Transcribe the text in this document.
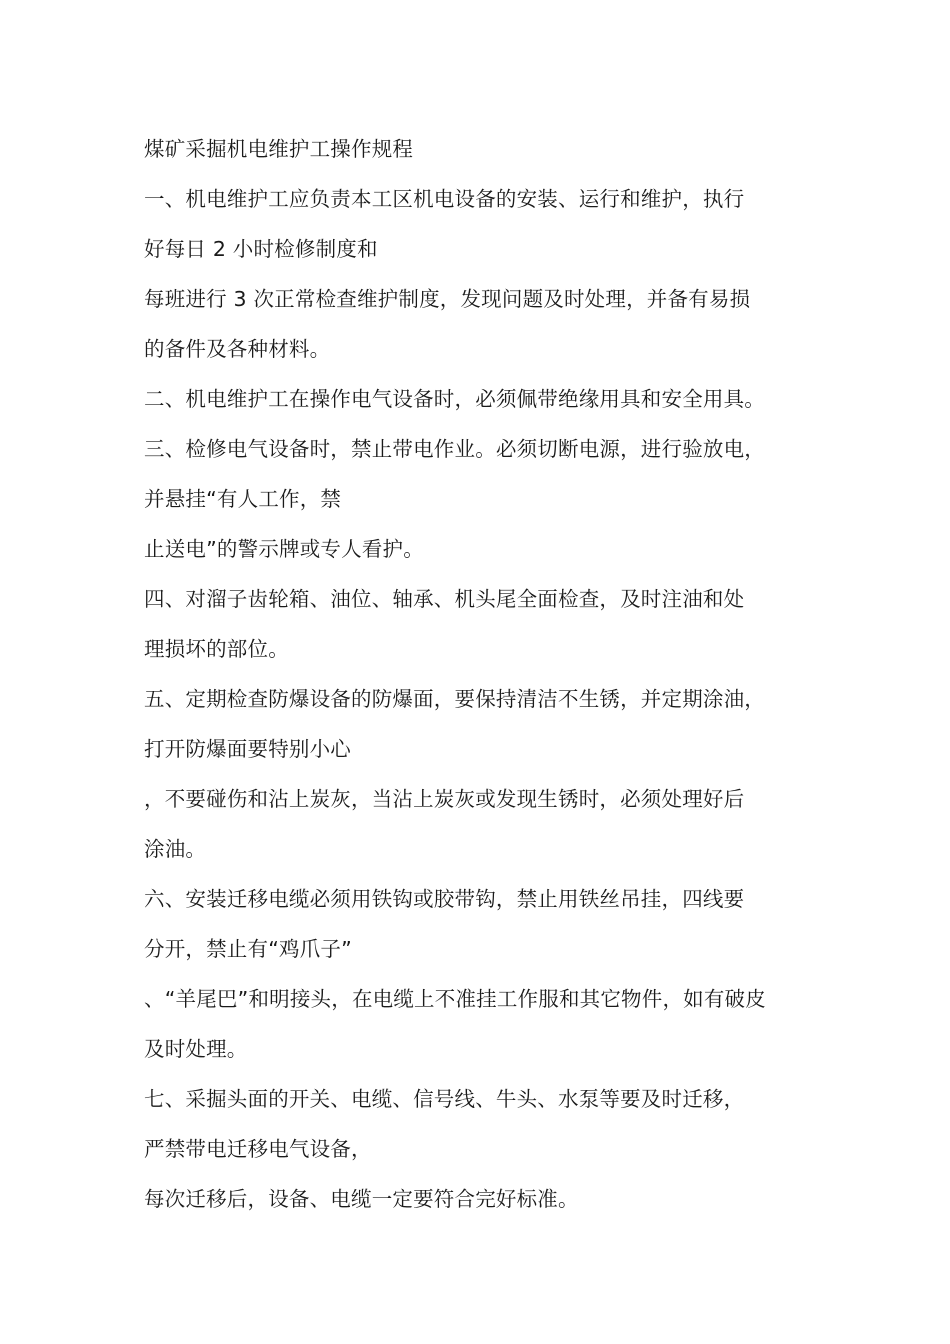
煤矿采掘机电维护工操作规程
一、机电维护工应负责本工区机电设备的安装、运行和维护，执行
好每日 2 小时检修制度和
每班进行 3 次正常检查维护制度，发现问题及时处理，并备有易损
的备件及各种材料。
二、机电维护工在操作电气设备时，必须佩带绝缘用具和安全用具。
三、检修电气设备时，禁止带电作业。必须切断电源，进行验放电，
并悬挂“有人工作，禁
止送电”的警示牌或专人看护。
四、对溜子齿轮箱、油位、轴承、机头尾全面检查，及时注油和处
理损坏的部位。
五、定期检查防爆设备的防爆面，要保持清洁不生锈，并定期涂油，
打开防爆面要特别小心
，不要碰伤和沾上炭灰，当沾上炭灰或发现生锈时，必须处理好后
涂油。
六、安装迁移电缆必须用铁钩或胶带钩，禁止用铁丝吊挂，四线要
分开，禁止有“鸡爪子”
、“羊尾巴”和明接头，在电缆上不准挂工作服和其它物件，如有破皮
及时处理。
七、采掘头面的开关、电缆、信号线、牛头、水泵等要及时迁移，
严禁带电迁移电气设备，
每次迁移后，设备、电缆一定要符合完好标准。
